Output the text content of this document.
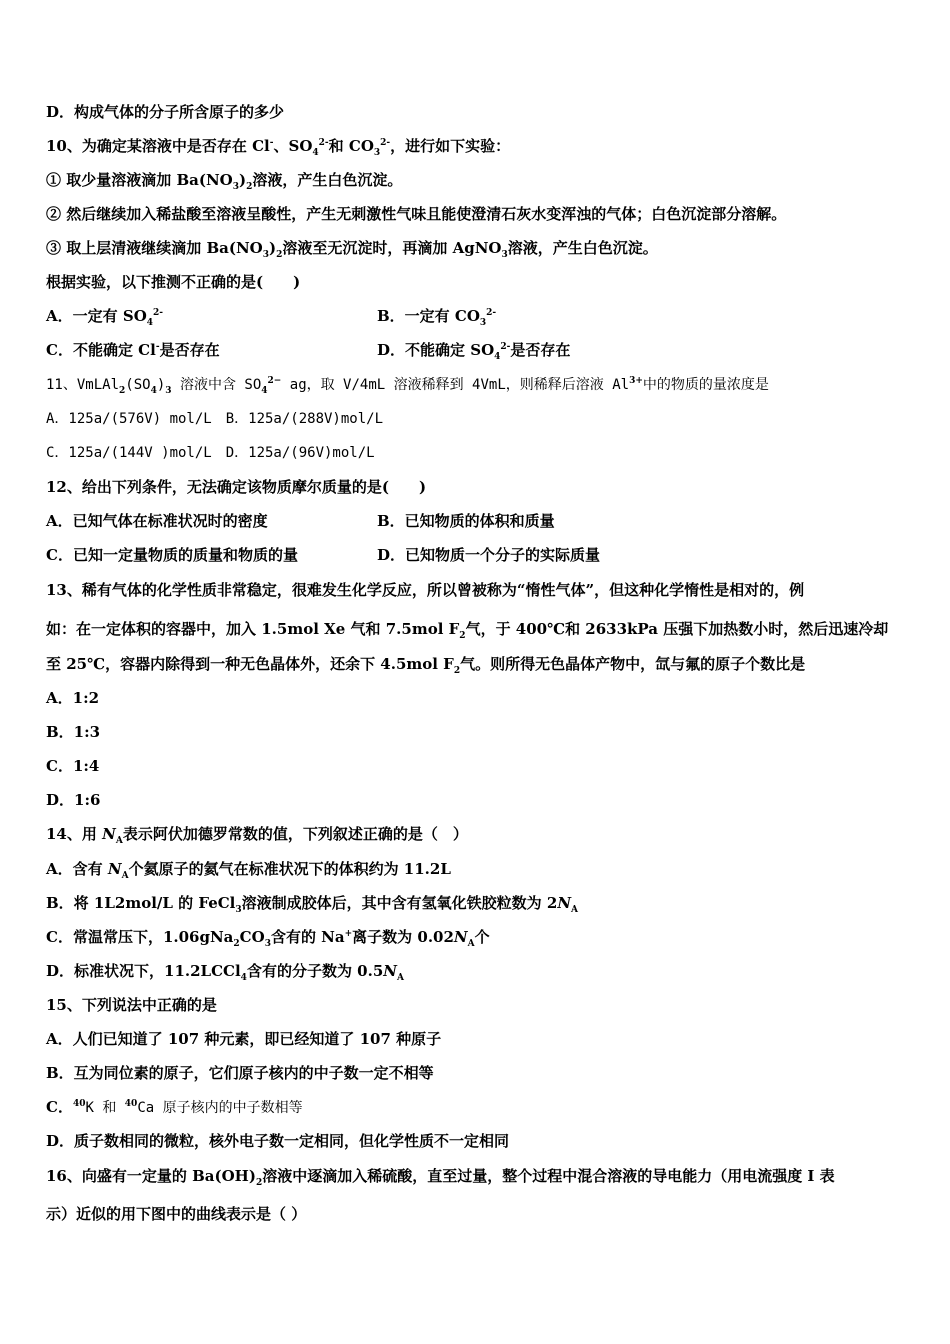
D．构成气体的分子所含原子的多少
10、为确定某溶液中是否存在 Cl-、$SO_4^{2-}$和 $CO_3^{2-}$，进行如下实验：
① 取少量溶液滴加 $Ba(NO_3)_2$溶液，产生白色沉淀。
② 然后继续加入稀盐酸至溶液呈酸性，产生无刺激性气味且能使澄清石灰水变浑浊的气体；白色沉淀部分溶解。
③ 取上层清液继续滴加 $Ba(NO_3)_2$溶液至无沉淀时，再滴加 AgNO$_3$溶液，产生白色沉淀。
根据实验，以下推测不正确的是(　　)
A．一定有 $SO_4^{2-}$	B．一定有 $CO_3^{2-}$
C．不能确定 Cl-是否存在	D．不能确定 $SO_4^{2-}$是否存在
11、$VmLAl_2(SO_4)_3$ 溶液中含 $SO_4^{2-}$ ag，取 V/4mL 溶液稀释到 4VmL，则稀释后溶液 $Al^{3+}$中的物质的量浓度是
A．125a/(576V) mol/L　B．125a/(288V)mol/L
C．125a/(144V )mol/L　D．125a/(96V)mol/L
12、给出下列条件，无法确定该物质摩尔质量的是(　　)
A．已知气体在标准状况时的密度	B．已知物质的体积和质量
C．已知一定量物质的质量和物质的量	D．已知物质一个分子的实际质量
13、稀有气体的化学性质非常稳定，很难发生化学反应，所以曾被称为“惰性气体”，但这种化学惰性是相对的，例
如：在一定体积的容器中，加入 1.5mol Xe 气和 7.5mol $F_2$气，于 400℃和 2633kPa 压强下加热数小时，然后迅速冷却
至 25℃，容器内除得到一种无色晶体外，还余下 4.5mol $F_2$气。则所得无色晶体产物中，氙与氟的原子个数比是
A．1:2
B．1:3
C．1:4
D．1:6
14、用 $N_A$表示阿伏加德罗常数的值，下列叙述正确的是（　）
A．含有 $N_A$个氦原子的氦气在标准状况下的体积约为 11.2L
B．将 1L2mol/L 的 FeCl$_3$溶液制成胶体后，其中含有氢氧化铁胶粒数为 $2N_A$
C．常温常压下，$1.06gNa_2CO_3$含有的 Na+离子数为 $0.02N_A$个
D．标准状况下，11.2LCCl$_4$含有的分子数为 $0.5N_A$
15、下列说法中正确的是
A．人们已知道了 107 种元素，即已经知道了 107 种原子
B．互为同位素的原子，它们原子核内的中子数一定不相等
C．$^{40}$K 和 $^{40}$Ca 原子核内的中子数相等
D．质子数相同的微粒，核外电子数一定相同，但化学性质不一定相同
16、向盛有一定量的 $Ba(OH)_2$溶液中逐滴加入稀硫酸，直至过量，整个过程中混合溶液的导电能力（用电流强度 I 表
示）近似的用下图中的曲线表示是（ ）
